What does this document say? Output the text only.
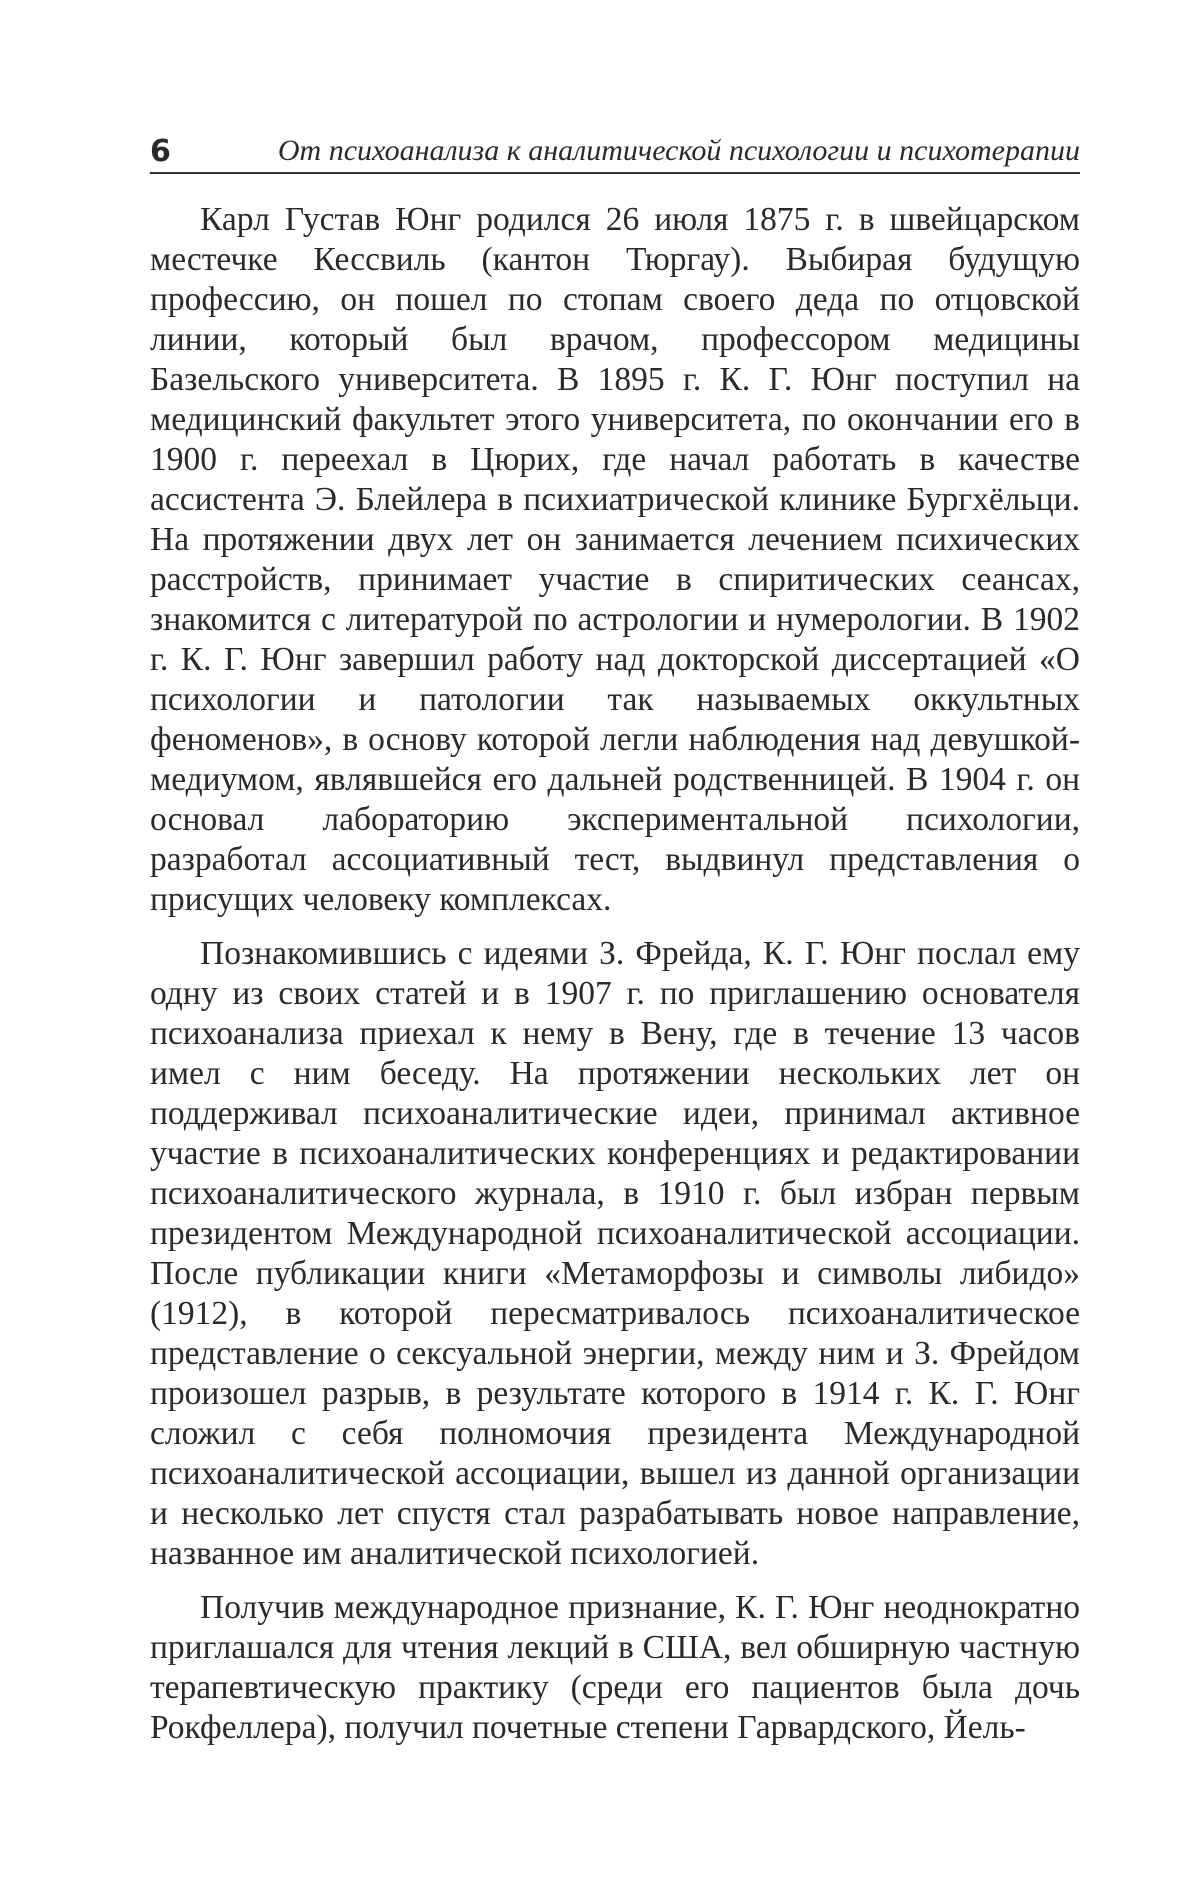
6	От психоанализа к аналитической психологии и психотерапии

Карл Густав Юнг родился 26 июля 1875 г. в швейцарском местечке Кессвиль (кантон Тюргау). Выбирая будущую профессию, он пошел по стопам своего деда по отцовской линии, который был врачом, профессором медицины Базельского университета. В 1895 г. К. Г. Юнг поступил на медицинский факультет этого университета, по окончании его в 1900 г. переехал в Цюрих, где начал работать в качестве ассистента Э. Блейлера в психиатрической клинике Бургхёльци. На протяжении двух лет он занимается лечением психических расстройств, принимает участие в спиритических сеансах, знакомится с литературой по астрологии и нумерологии. В 1902 г. К. Г. Юнг завершил работу над докторской диссертацией «О психологии и патологии так называемых оккультных феноменов», в основу которой легли наблюдения над девушкой-медиумом, являвшейся его дальней родственницей. В 1904 г. он основал лабораторию экспериментальной психологии, разработал ассоциативный тест, выдвинул представления о присущих человеку комплексах.

Познакомившись с идеями З. Фрейда, К. Г. Юнг послал ему одну из своих статей и в 1907 г. по приглашению основателя психоанализа приехал к нему в Вену, где в течение 13 часов имел с ним беседу. На протяжении нескольких лет он поддерживал психоаналитические идеи, принимал активное участие в психоаналитических конференциях и редактировании психоаналитического журнала, в 1910 г. был избран первым президентом Международной психоаналитической ассоциации. После публикации книги «Метаморфозы и символы либидо» (1912), в которой пересматривалось психоаналитическое представление о сексуальной энергии, между ним и З. Фрейдом произошел разрыв, в результате которого в 1914 г. К. Г. Юнг сложил с себя полномочия президента Международной психоаналитической ассоциации, вышел из данной организации и несколько лет спустя стал разрабатывать новое направление, названное им аналитической психологией.

Получив международное признание, К. Г. Юнг неоднократно приглашался для чтения лекций в США, вел обширную частную терапевтическую практику (среди его пациентов была дочь Рокфеллера), получил почетные степени Гарвардского, Йель-
